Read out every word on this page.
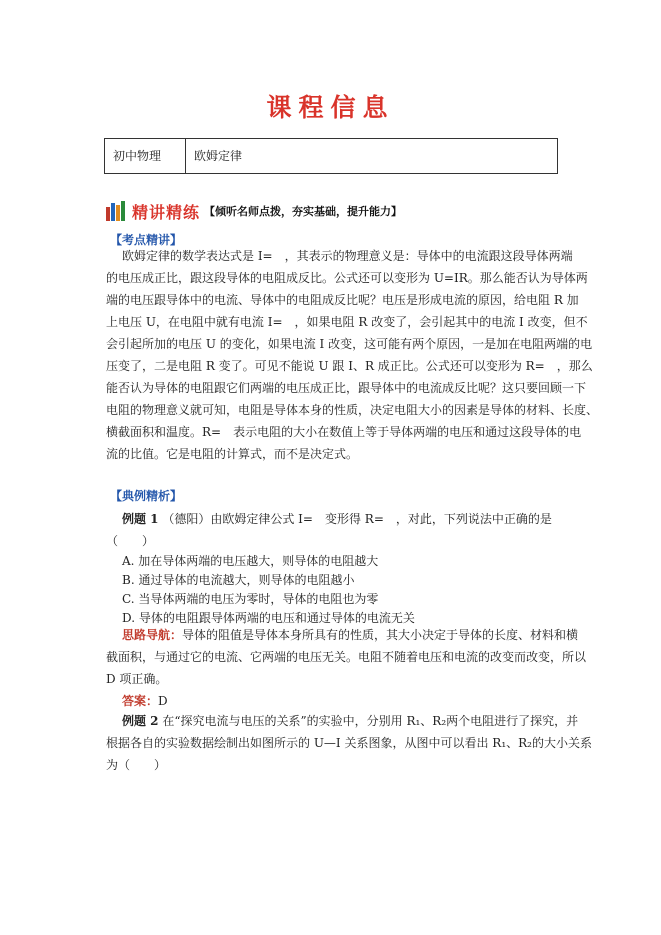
课程信息
初中物理	欧姆定律
精讲精练 【倾听名师点拨，夯实基础，提升能力】
【考点精讲】
欧姆定律的数学表达式是 I=　，其表示的物理意义是：导体中的电流跟这段导体两端
的电压成正比，跟这段导体的电阻成反比。公式还可以变形为 U=IR。那么能否认为导体两
端的电压跟导体中的电流、导体中的电阻成反比呢？电压是形成电流的原因，给电阻 R 加
上电压 U，在电阻中就有电流 I=　，如果电阻 R 改变了，会引起其中的电流 I 改变，但不
会引起所加的电压 U 的变化，如果电流 I 改变，这可能有两个原因，一是加在电阻两端的电
压变了，二是电阻 R 变了。可见不能说 U 跟 I、R 成正比。公式还可以变形为 R=　，那么
能否认为导体的电阻跟它们两端的电压成正比，跟导体中的电流成反比呢？这只要回顾一下
电阻的物理意义就可知，电阻是导体本身的性质，决定电阻大小的因素是导体的材料、长度、
横截面积和温度。R=　表示电阻的大小在数值上等于导体两端的电压和通过这段导体的电
流的比值。它是电阻的计算式，而不是决定式。
【典例精析】
例题 1 （德阳）由欧姆定律公式 I=　变形得 R=　，对此，下列说法中正确的是
（　　）
A. 加在导体两端的电压越大，则导体的电阻越大
B. 通过导体的电流越大，则导体的电阻越小
C. 当导体两端的电压为零时，导体的电阻也为零
D. 导体的电阻跟导体两端的电压和通过导体的电流无关
思路导航：导体的阻值是导体本身所具有的性质，其大小决定于导体的长度、材料和横
截面积，与通过它的电流、它两端的电压无关。电阻不随着电压和电流的改变而改变，所以
D 项正确。
答案：D
例题 2 在“探究电流与电压的关系”的实验中，分别用 R₁、R₂两个电阻进行了探究，并
根据各自的实验数据绘制出如图所示的 U—I 关系图象，从图中可以看出 R₁、R₂的大小关系
为（　　）
